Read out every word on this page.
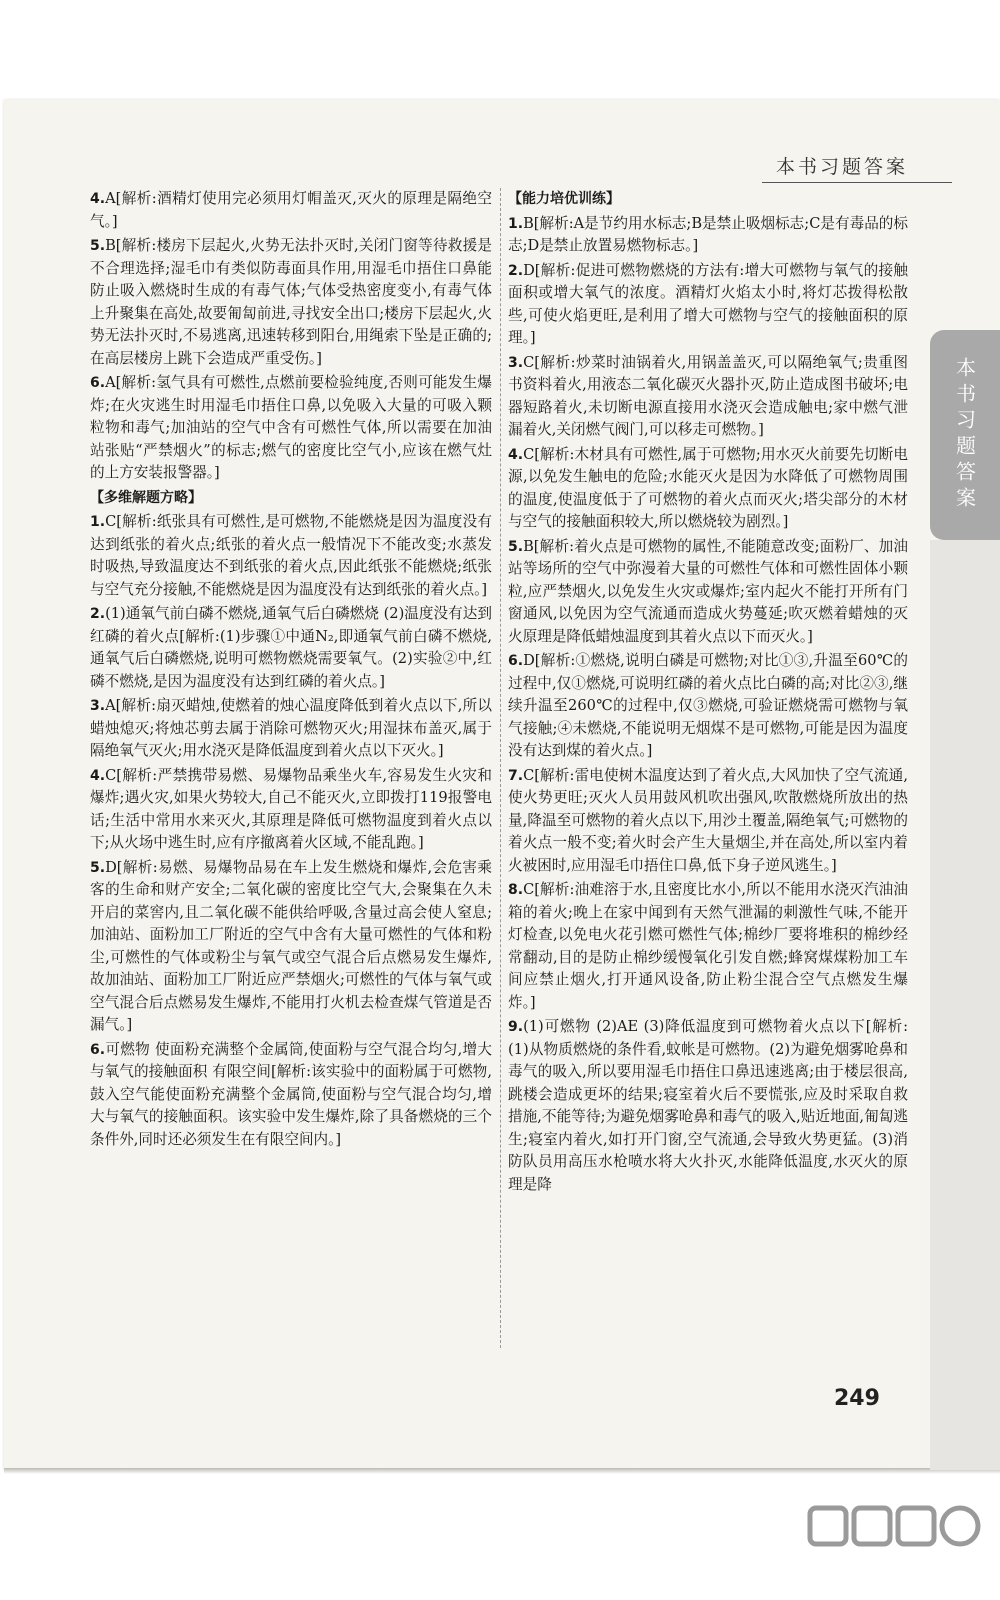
本书习题答案
本书习题答案
4.A[解析:酒精灯使用完必须用灯帽盖灭,灭火的原理是隔绝空气。]
5.B[解析:楼房下层起火,火势无法扑灭时,关闭门窗等待救援是不合理选择;湿毛巾有类似防毒面具作用,用湿毛巾捂住口鼻能防止吸入燃烧时生成的有毒气体;气体受热密度变小,有毒气体上升聚集在高处,故要匍匐前进,寻找安全出口;楼房下层起火,火势无法扑灭时,不易逃离,迅速转移到阳台,用绳索下坠是正确的;在高层楼房上跳下会造成严重受伤。]
6.A[解析:氢气具有可燃性,点燃前要检验纯度,否则可能发生爆炸;在火灾逃生时用湿毛巾捂住口鼻,以免吸入大量的可吸入颗粒物和毒气;加油站的空气中含有可燃性气体,所以需要在加油站张贴“严禁烟火”的标志;燃气的密度比空气小,应该在燃气灶的上方安装报警器。]
【多维解题方略】
1.C[解析:纸张具有可燃性,是可燃物,不能燃烧是因为温度没有达到纸张的着火点;纸张的着火点一般情况下不能改变;水蒸发时吸热,导致温度达不到纸张的着火点,因此纸张不能燃烧;纸张与空气充分接触,不能燃烧是因为温度没有达到纸张的着火点。]
2.(1)通氧气前白磷不燃烧,通氧气后白磷燃烧 (2)温度没有达到红磷的着火点[解析:(1)步骤①中通N₂,即通氧气前白磷不燃烧,通氧气后白磷燃烧,说明可燃物燃烧需要氧气。(2)实验②中,红磷不燃烧,是因为温度没有达到红磷的着火点。]
3.A[解析:扇灭蜡烛,使燃着的烛心温度降低到着火点以下,所以蜡烛熄灭;将烛芯剪去属于消除可燃物灭火;用湿抹布盖灭,属于隔绝氧气灭火;用水浇灭是降低温度到着火点以下灭火。]
4.C[解析:严禁携带易燃、易爆物品乘坐火车,容易发生火灾和爆炸;遇火灾,如果火势较大,自己不能灭火,立即拨打119报警电话;生活中常用水来灭火,其原理是降低可燃物温度到着火点以下;从火场中逃生时,应有序撤离着火区域,不能乱跑。]
5.D[解析:易燃、易爆物品易在车上发生燃烧和爆炸,会危害乘客的生命和财产安全;二氧化碳的密度比空气大,会聚集在久未开启的菜窖内,且二氧化碳不能供给呼吸,含量过高会使人窒息;加油站、面粉加工厂附近的空气中含有大量可燃性的气体和粉尘,可燃性的气体或粉尘与氧气或空气混合后点燃易发生爆炸,故加油站、面粉加工厂附近应严禁烟火;可燃性的气体与氧气或空气混合后点燃易发生爆炸,不能用打火机去检查煤气管道是否漏气。]
6.可燃物 使面粉充满整个金属筒,使面粉与空气混合均匀,增大与氧气的接触面积 有限空间[解析:该实验中的面粉属于可燃物,鼓入空气能使面粉充满整个金属筒,使面粉与空气混合均匀,增大与氧气的接触面积。该实验中发生爆炸,除了具备燃烧的三个条件外,同时还必须发生在有限空间内。]
【能力培优训练】
1.B[解析:A是节约用水标志;B是禁止吸烟标志;C是有毒品的标志;D是禁止放置易燃物标志。]
2.D[解析:促进可燃物燃烧的方法有:增大可燃物与氧气的接触面积或增大氧气的浓度。酒精灯火焰太小时,将灯芯拨得松散些,可使火焰更旺,是利用了增大可燃物与空气的接触面积的原理。]
3.C[解析:炒菜时油锅着火,用锅盖盖灭,可以隔绝氧气;贵重图书资料着火,用液态二氧化碳灭火器扑灭,防止造成图书破坏;电器短路着火,未切断电源直接用水浇灭会造成触电;家中燃气泄漏着火,关闭燃气阀门,可以移走可燃物。]
4.C[解析:木材具有可燃性,属于可燃物;用水灭火前要先切断电源,以免发生触电的危险;水能灭火是因为水降低了可燃物周围的温度,使温度低于了可燃物的着火点而灭火;塔尖部分的木材与空气的接触面积较大,所以燃烧较为剧烈。]
5.B[解析:着火点是可燃物的属性,不能随意改变;面粉厂、加油站等场所的空气中弥漫着大量的可燃性气体和可燃性固体小颗粒,应严禁烟火,以免发生火灾或爆炸;室内起火不能打开所有门窗通风,以免因为空气流通而造成火势蔓延;吹灭燃着蜡烛的灭火原理是降低蜡烛温度到其着火点以下而灭火。]
6.D[解析:①燃烧,说明白磷是可燃物;对比①③,升温至60℃的过程中,仅①燃烧,可说明红磷的着火点比白磷的高;对比②③,继续升温至260℃的过程中,仅③燃烧,可验证燃烧需可燃物与氧气接触;④未燃烧,不能说明无烟煤不是可燃物,可能是因为温度没有达到煤的着火点。]
7.C[解析:雷电使树木温度达到了着火点,大风加快了空气流通,使火势更旺;灭火人员用鼓风机吹出强风,吹散燃烧所放出的热量,降温至可燃物的着火点以下,用沙土覆盖,隔绝氧气;可燃物的着火点一般不变;着火时会产生大量烟尘,并在高处,所以室内着火被困时,应用湿毛巾捂住口鼻,低下身子逆风逃生。]
8.C[解析:油难溶于水,且密度比水小,所以不能用水浇灭汽油油箱的着火;晚上在家中闻到有天然气泄漏的刺激性气味,不能开灯检查,以免电火花引燃可燃性气体;棉纱厂要将堆积的棉纱经常翻动,目的是防止棉纱缓慢氧化引发自燃;蜂窝煤煤粉加工车间应禁止烟火,打开通风设备,防止粉尘混合空气点燃发生爆炸。]
9.(1)可燃物 (2)AE (3)降低温度到可燃物着火点以下[解析:(1)从物质燃烧的条件看,蚊帐是可燃物。(2)为避免烟雾呛鼻和毒气的吸入,所以要用湿毛巾捂住口鼻迅速逃离;由于楼层很高,跳楼会造成更坏的结果;寝室着火后不要慌张,应及时采取自救措施,不能等待;为避免烟雾呛鼻和毒气的吸入,贴近地面,匍匐逃生;寝室内着火,如打开门窗,空气流通,会导致火势更猛。(3)消防队员用高压水枪喷水将大火扑灭,水能降低温度,水灭火的原理是降
249
